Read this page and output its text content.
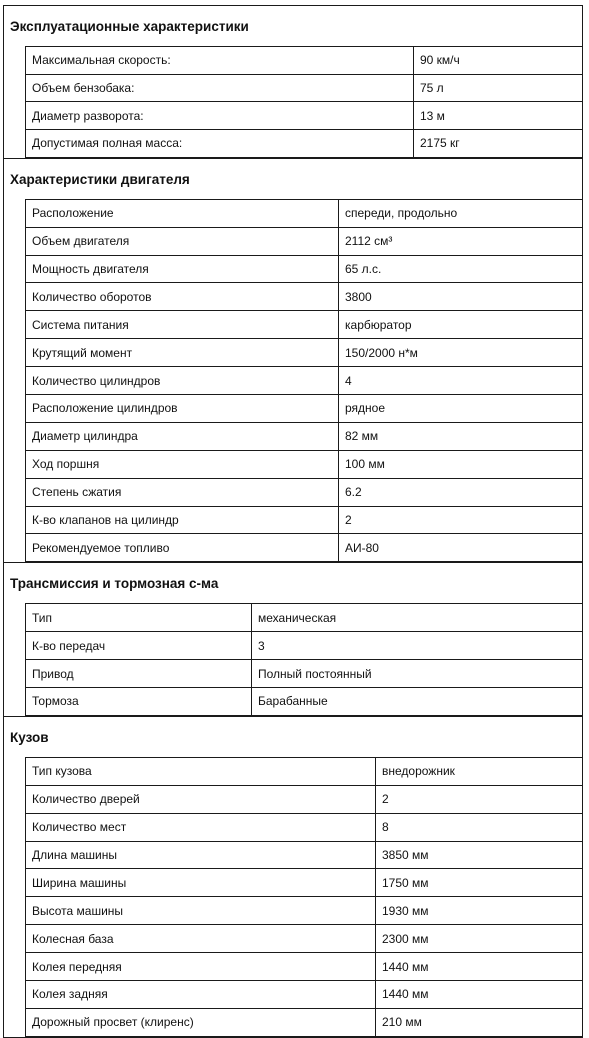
Эксплуатационные характеристики
Максимальная скорость:	90 км/ч
Объем бензобака:	75 л
Диаметр разворота:	13 м
Допустимая полная масса:	2175 кг
Характеристики двигателя
Расположение	спереди, продольно
Объем двигателя	2112 см³
Мощность двигателя	65 л.с.
Количество оборотов	3800
Система питания	карбюратор
Крутящий момент	150/2000 н*м
Количество цилиндров	4
Расположение цилиндров	рядное
Диаметр цилиндра	82 мм
Ход поршня	100 мм
Степень сжатия	6.2
К-во клапанов на цилиндр	2
Рекомендуемое топливо	АИ-80
Трансмиссия и тормозная с-ма
Тип	механическая
К-во передач	3
Привод	Полный постоянный
Тормоза	Барабанные
Кузов
Тип кузова	внедорожник
Количество дверей	2
Количество мест	8
Длина машины	3850 мм
Ширина машины	1750 мм
Высота машины	1930 мм
Колесная база	2300 мм
Колея передняя	1440 мм
Колея задняя	1440 мм
Дорожный просвет (клиренс)	210 мм
